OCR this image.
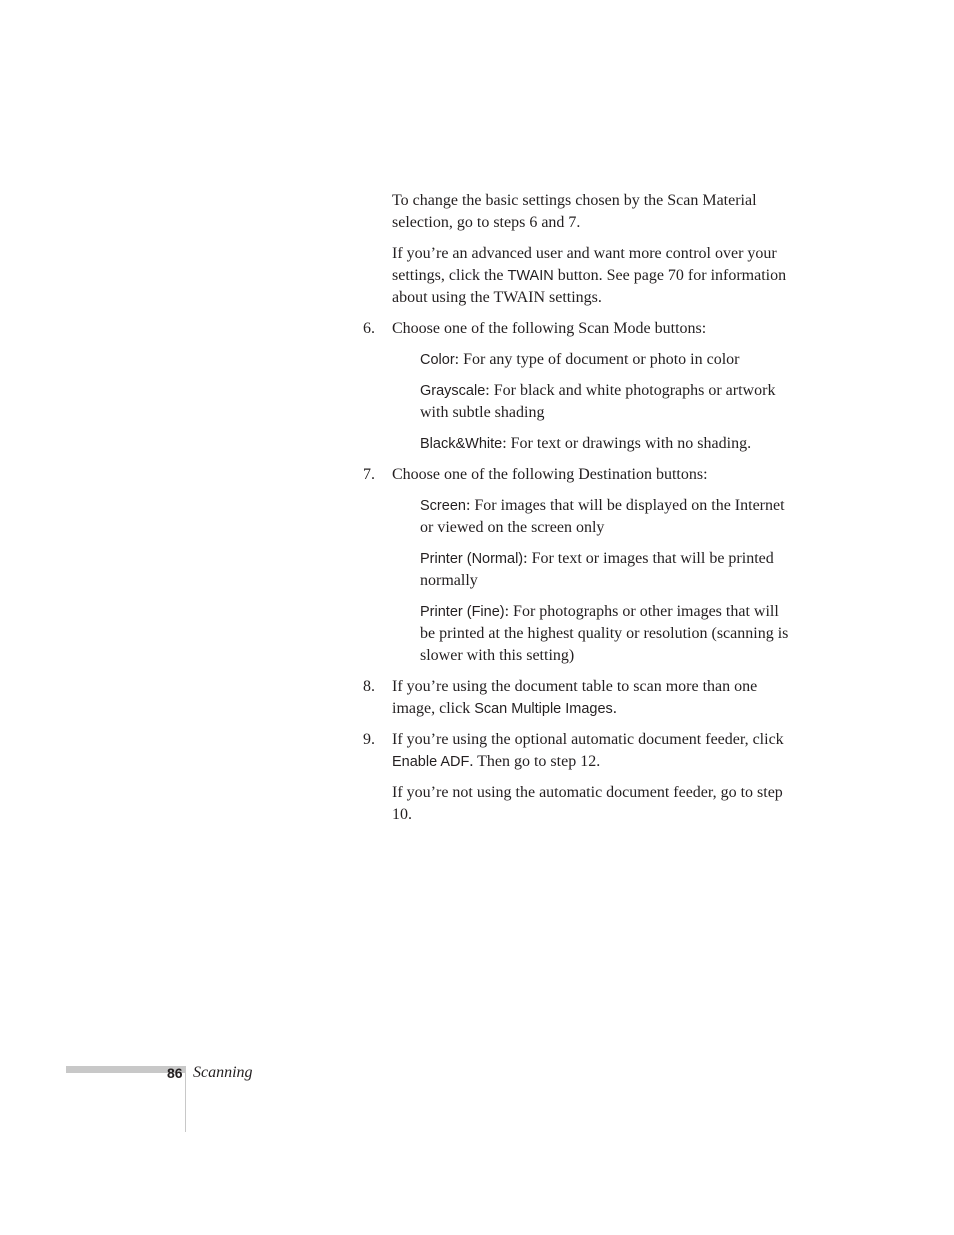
To change the basic settings chosen by the Scan Material selection, go to steps 6 and 7.

If you’re an advanced user and want more control over your settings, click the TWAIN button. See page 70 for information about using the TWAIN settings.

6. Choose one of the following Scan Mode buttons:

Color: For any type of document or photo in color

Grayscale: For black and white photographs or artwork with subtle shading

Black&White: For text or drawings with no shading.

7. Choose one of the following Destination buttons:

Screen: For images that will be displayed on the Internet or viewed on the screen only

Printer (Normal): For text or images that will be printed normally

Printer (Fine): For photographs or other images that will be printed at the highest quality or resolution (scanning is slower with this setting)

8. If you’re using the document table to scan more than one image, click Scan Multiple Images.
9. If you’re using the optional automatic document feeder, click Enable ADF. Then go to step 12.

If you’re not using the automatic document feeder, go to step 10.

86 Scanning
